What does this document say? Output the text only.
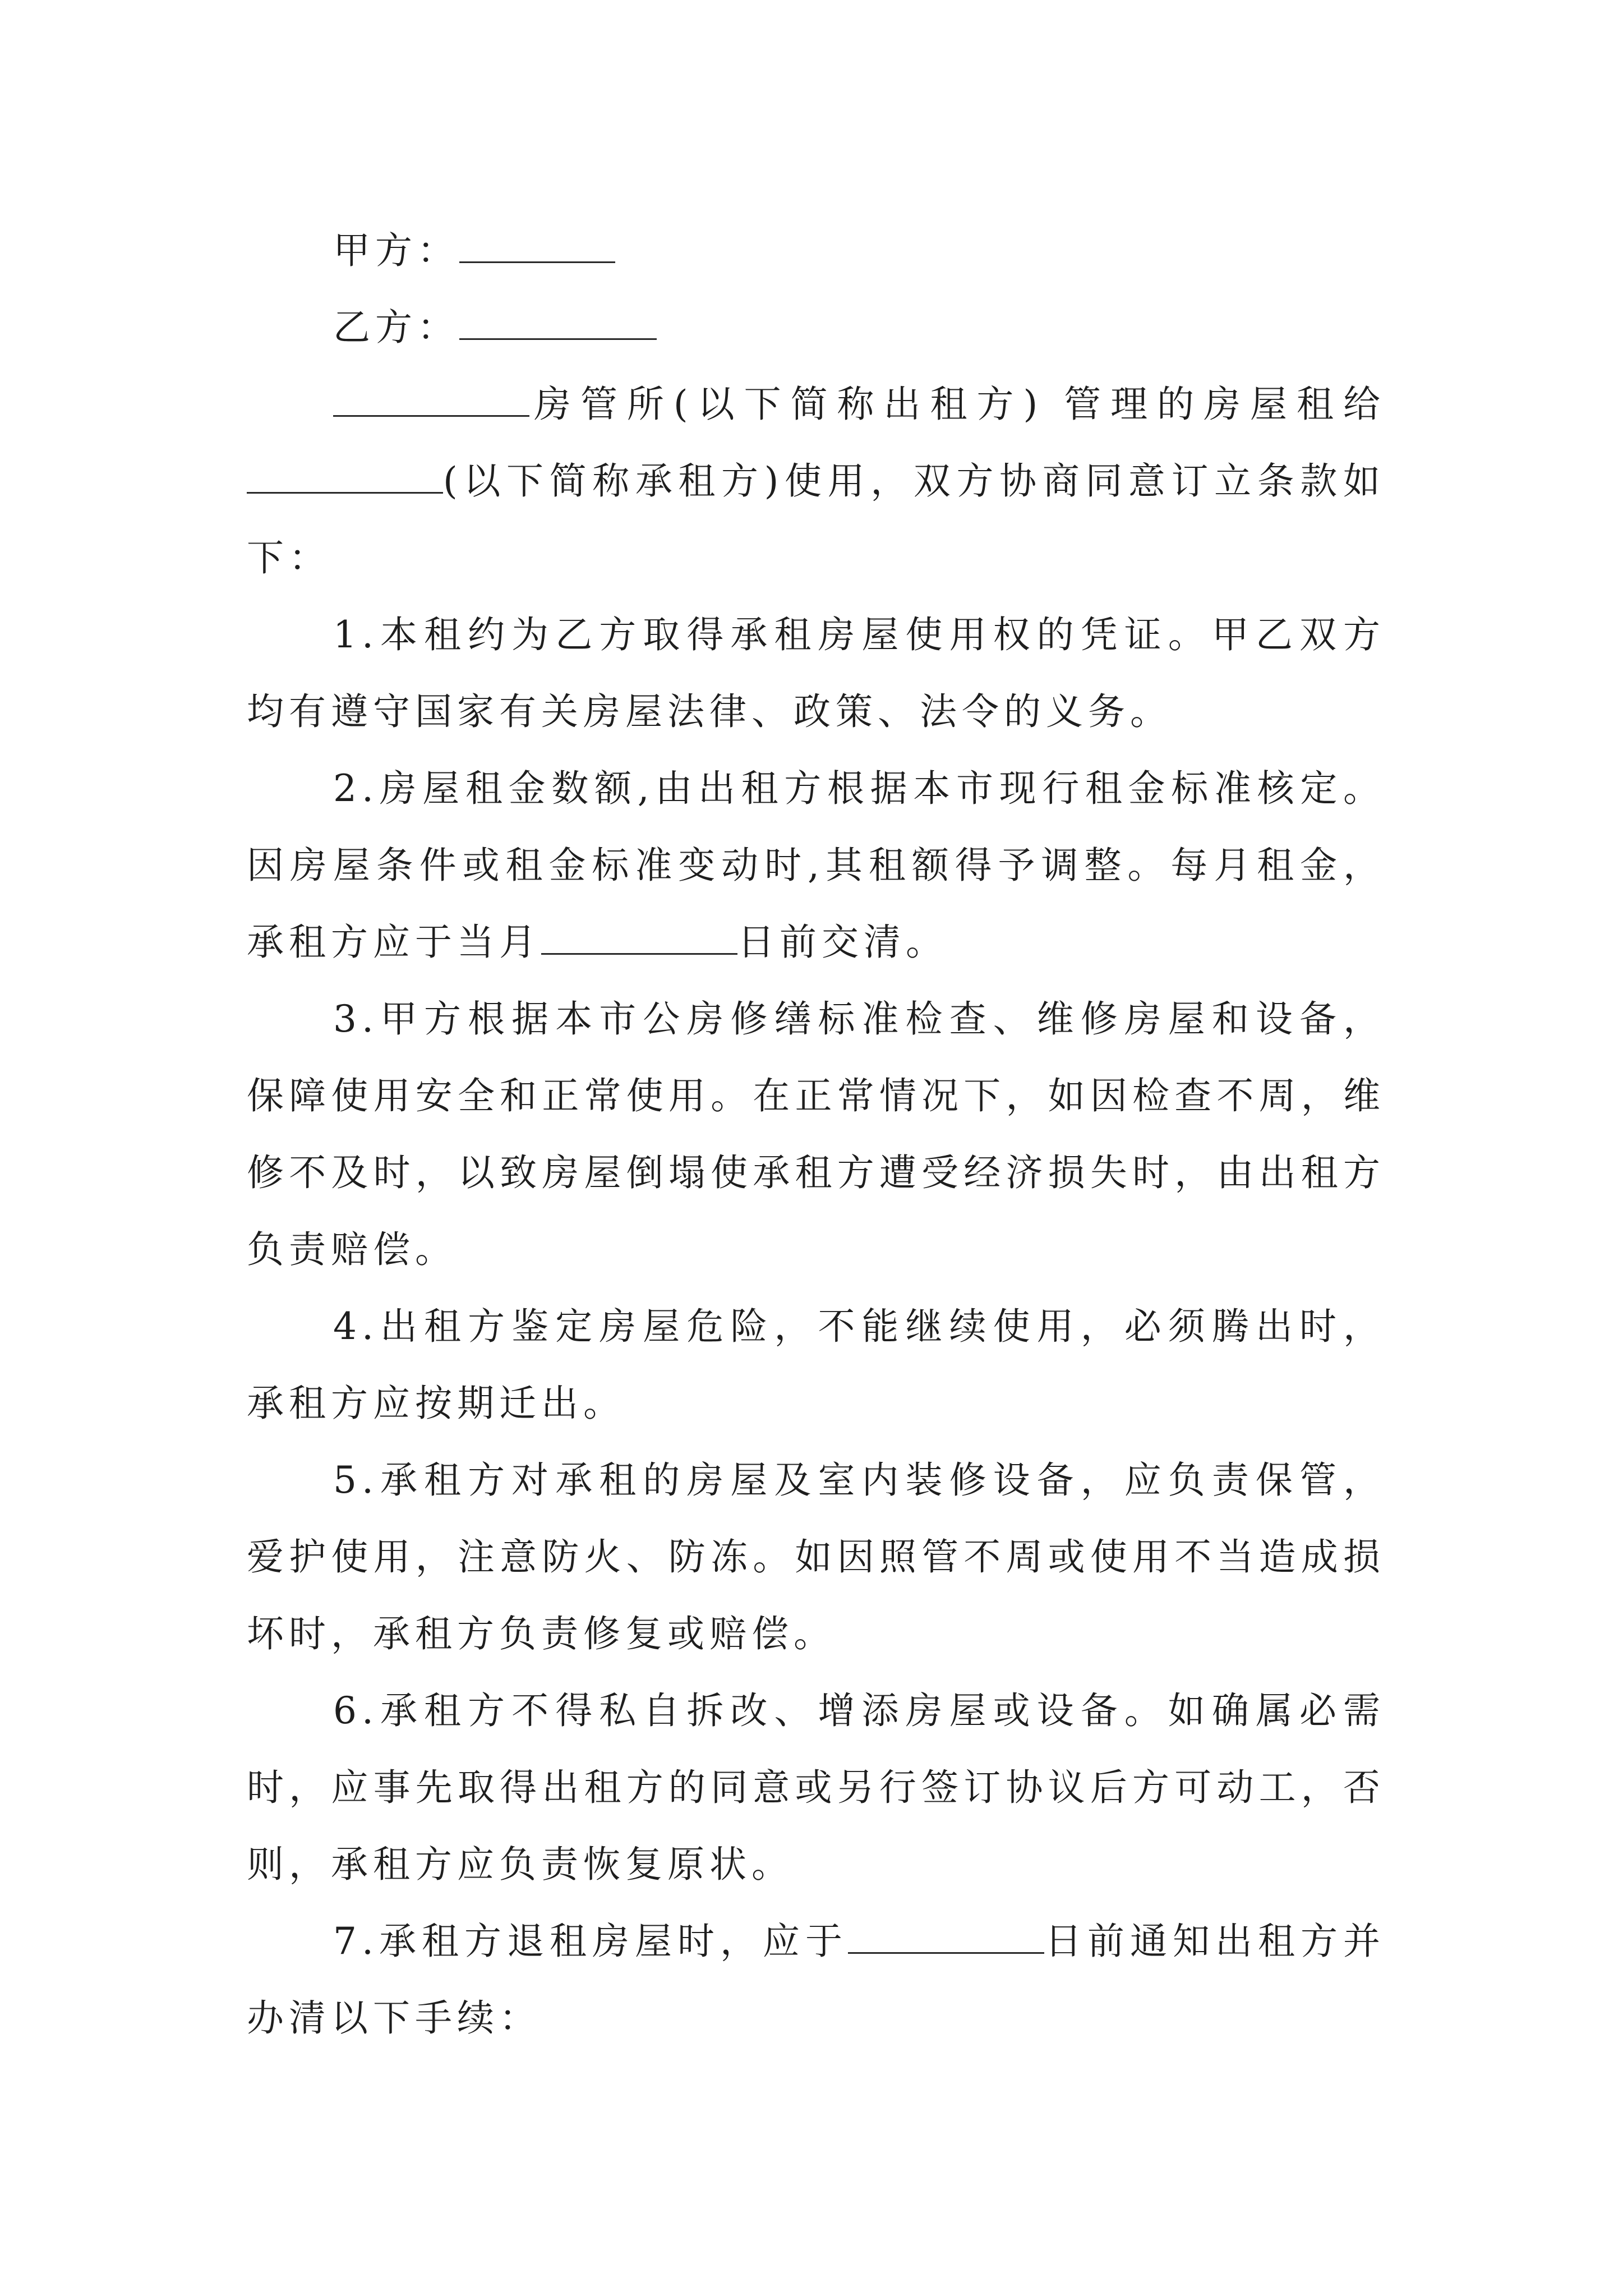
甲方：

乙方：

房管所(以下简称出租方) 管理的房屋租给(以下简称承租方)使用，双方协商同意订立条款如下：

1.本租约为乙方取得承租房屋使用权的凭证。甲乙双方均有遵守国家有关房屋法律、政策、法令的义务。

2.房屋租金数额,由出租方根据本市现行租金标准核定。因房屋条件或租金标准变动时,其租额得予调整。每月租金，承租方应于当月	日前交清。

3.甲方根据本市公房修缮标准检查、维修房屋和设备，保障使用安全和正常使用。在正常情况下，如因检查不周，维修不及时，以致房屋倒塌使承租方遭受经济损失时，由出租方负责赔偿。

4.出租方鉴定房屋危险，不能继续使用，必须腾出时，承租方应按期迁出。

5.承租方对承租的房屋及室内装修设备，应负责保管，爱护使用，注意防火、防冻。如因照管不周或使用不当造成损坏时，承租方负责修复或赔偿。

6.承租方不得私自拆改、增添房屋或设备。如确属必需时，应事先取得出租方的同意或另行签订协议后方可动工，否则，承租方应负责恢复原状。

7.承租方退租房屋时，应于	日前通知出租方并办清以下手续：
